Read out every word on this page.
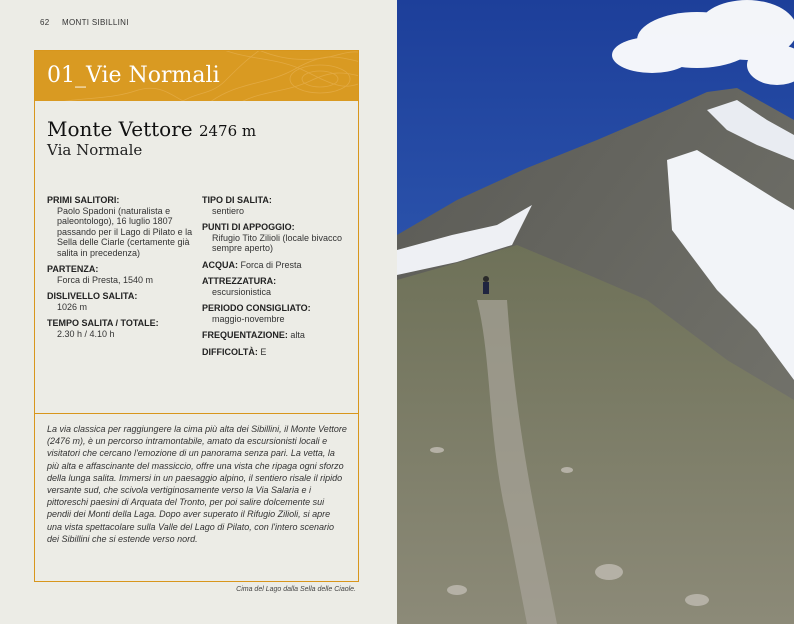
62 MONTI SIBILLINI
01_Vie Normali
Monte Vettore 2476 m
Via Normale
PRIMI SALITORI:
Paolo Spadoni (naturalista e paleontologo), 16 luglio 1807 passando per il Lago di Pilato e la Sella delle Ciarle (certamente già salita in precedenza)
PARTENZA:
Forca di Presta, 1540 m
DISLIVELLO SALITA:
1026 m
TEMPO SALITA / TOTALE:
2.30 h / 4.10 h
TIPO DI SALITA:
sentiero
PUNTI DI APPOGGIO:
Rifugio Tito Zilioli (locale bivacco sempre aperto)
ACQUA: Forca di Presta
ATTREZZATURA:
escursionistica
PERIODO CONSIGLIATO:
maggio-novembre
FREQUENTAZIONE: alta
DIFFICOLTÀ: E
La via classica per raggiungere la cima più alta dei Sibillini, il Monte Vettore (2476 m), è un percorso intramontabile, amato da escursionisti locali e visitatori che cercano l'emozione di un panorama senza pari. La vetta, la più alta e affascinante del massiccio, offre una vista che ripaga ogni sforzo della lunga salita. Immersi in un paesaggio alpino, il sentiero risale il ripido versante sud, che scivola vertiginosamente verso la Via Salaria e i pittoreschi paesini di Arquata del Tronto, per poi salire dolcemente sui pendii dei Monti della Laga. Dopo aver superato il Rifugio Zilioli, si apre una vista spettacolare sulla Valle del Lago di Pilato, con l'intero scenario dei Sibillini che si estende verso nord.
Cima del Lago dalla Sella delle Ciaole.
